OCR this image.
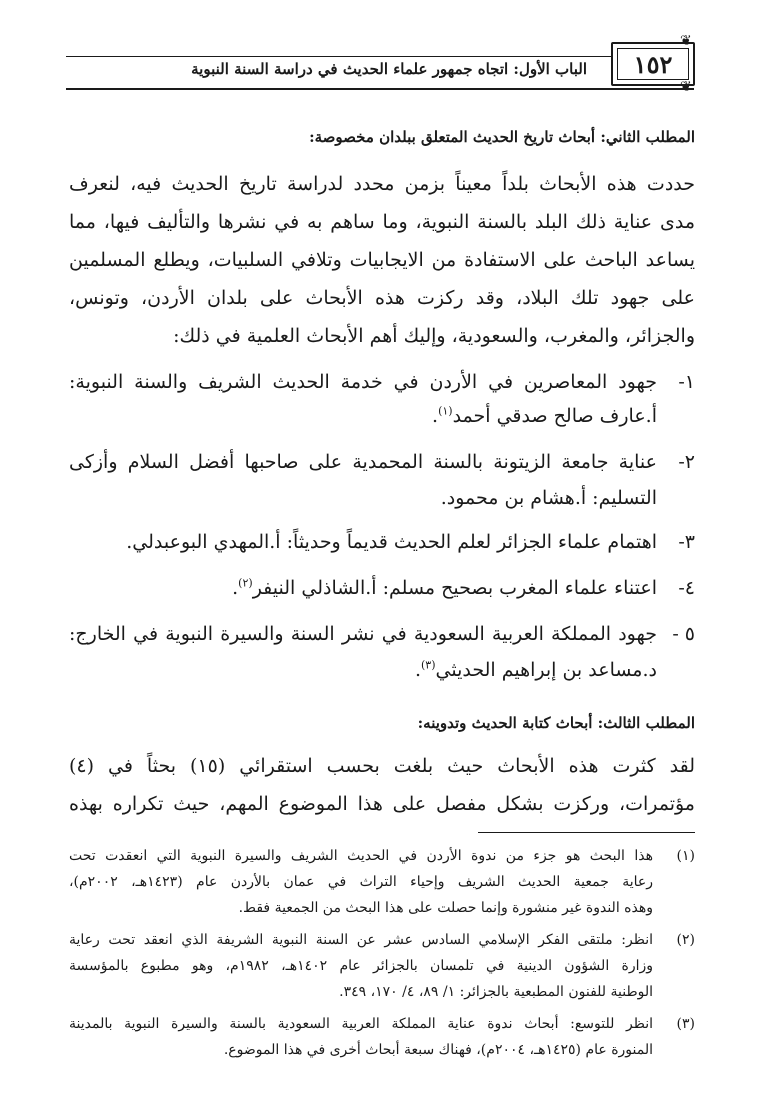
❦
❦
١٥٢
الباب الأول: اتجاه جمهور علماء الحديث في دراسة السنة النبوية
المطلب الثاني: أبحاث تاريخ الحديث المتعلق ببلدان مخصوصة:
حددت هذه الأبحاث بلداً معيناً بزمن محدد لدراسة تاريخ الحديث فيه، لنعرف
مدى عناية ذلك البلد بالسنة النبوية، وما ساهم به في نشرها والتأليف فيها، مما
يساعد الباحث على الاستفادة من الايجابيات وتلافي السلبيات، ويطلع المسلمين
على جهود تلك البلاد، وقد ركزت هذه الأبحاث على بلدان الأردن، وتونس،
والجزائر، والمغرب، والسعودية، وإليك أهم الأبحاث العلمية في ذلك:
١-
جهود المعاصرين في الأردن في خدمة الحديث الشريف والسنة النبوية:
أ.عارف صالح صدقي أحمد$^{(١)}$.
٢-
عناية جامعة الزيتونة بالسنة المحمدية على صاحبها أفضل السلام وأزكى
التسليم: أ.هشام بن محمود.
٣-
اهتمام علماء الجزائر لعلم الحديث قديماً وحديثاً: أ.المهدي البوعبدلي.
٤-
اعتناء علماء المغرب بصحيح مسلم: أ.الشاذلي النيفر$^{(٢)}$.
٥ -
جهود المملكة العربية السعودية في نشر السنة والسيرة النبوية في الخارج:
د.مساعد بن إبراهيم الحديثي$^{(٣)}$.
المطلب الثالث: أبحاث كتابة الحديث وتدوينه:
لقد كثرت هذه الأبحاث حيث بلغت بحسب استقرائي (١٥) بحثاً في (٤)
مؤتمرات، وركزت بشكل مفصل على هذا الموضوع المهم، حيث تكراره بهذه
(١)
هذا البحث هو جزء من ندوة الأردن في الحديث الشريف والسيرة النبوية التي انعقدت تحت
رعاية جمعية الحديث الشريف وإحياء التراث في عمان بالأردن عام (١٤٢٣هـ، ٢٠٠٢م)،
وهذه الندوة غير منشورة وإنما حصلت على هذا البحث من الجمعية فقط.
(٢)
انظر: ملتقى الفكر الإسلامي السادس عشر عن السنة النبوية الشريفة الذي انعقد تحت رعاية
وزارة الشؤون الدينية في تلمسان بالجزائر عام ١٤٠٢هـ، ١٩٨٢م، وهو مطبوع بالمؤسسة
الوطنية للفنون المطبعية بالجزائر: ١/ ٨٩، ٤/ ١٧٠، ٣٤٩.
(٣)
انظر للتوسع: أبحاث ندوة عناية المملكة العربية السعودية بالسنة والسيرة النبوية بالمدينة
المنورة عام (١٤٢٥هـ، ٢٠٠٤م)، فهناك سبعة أبحاث أخرى في هذا الموضوع.
